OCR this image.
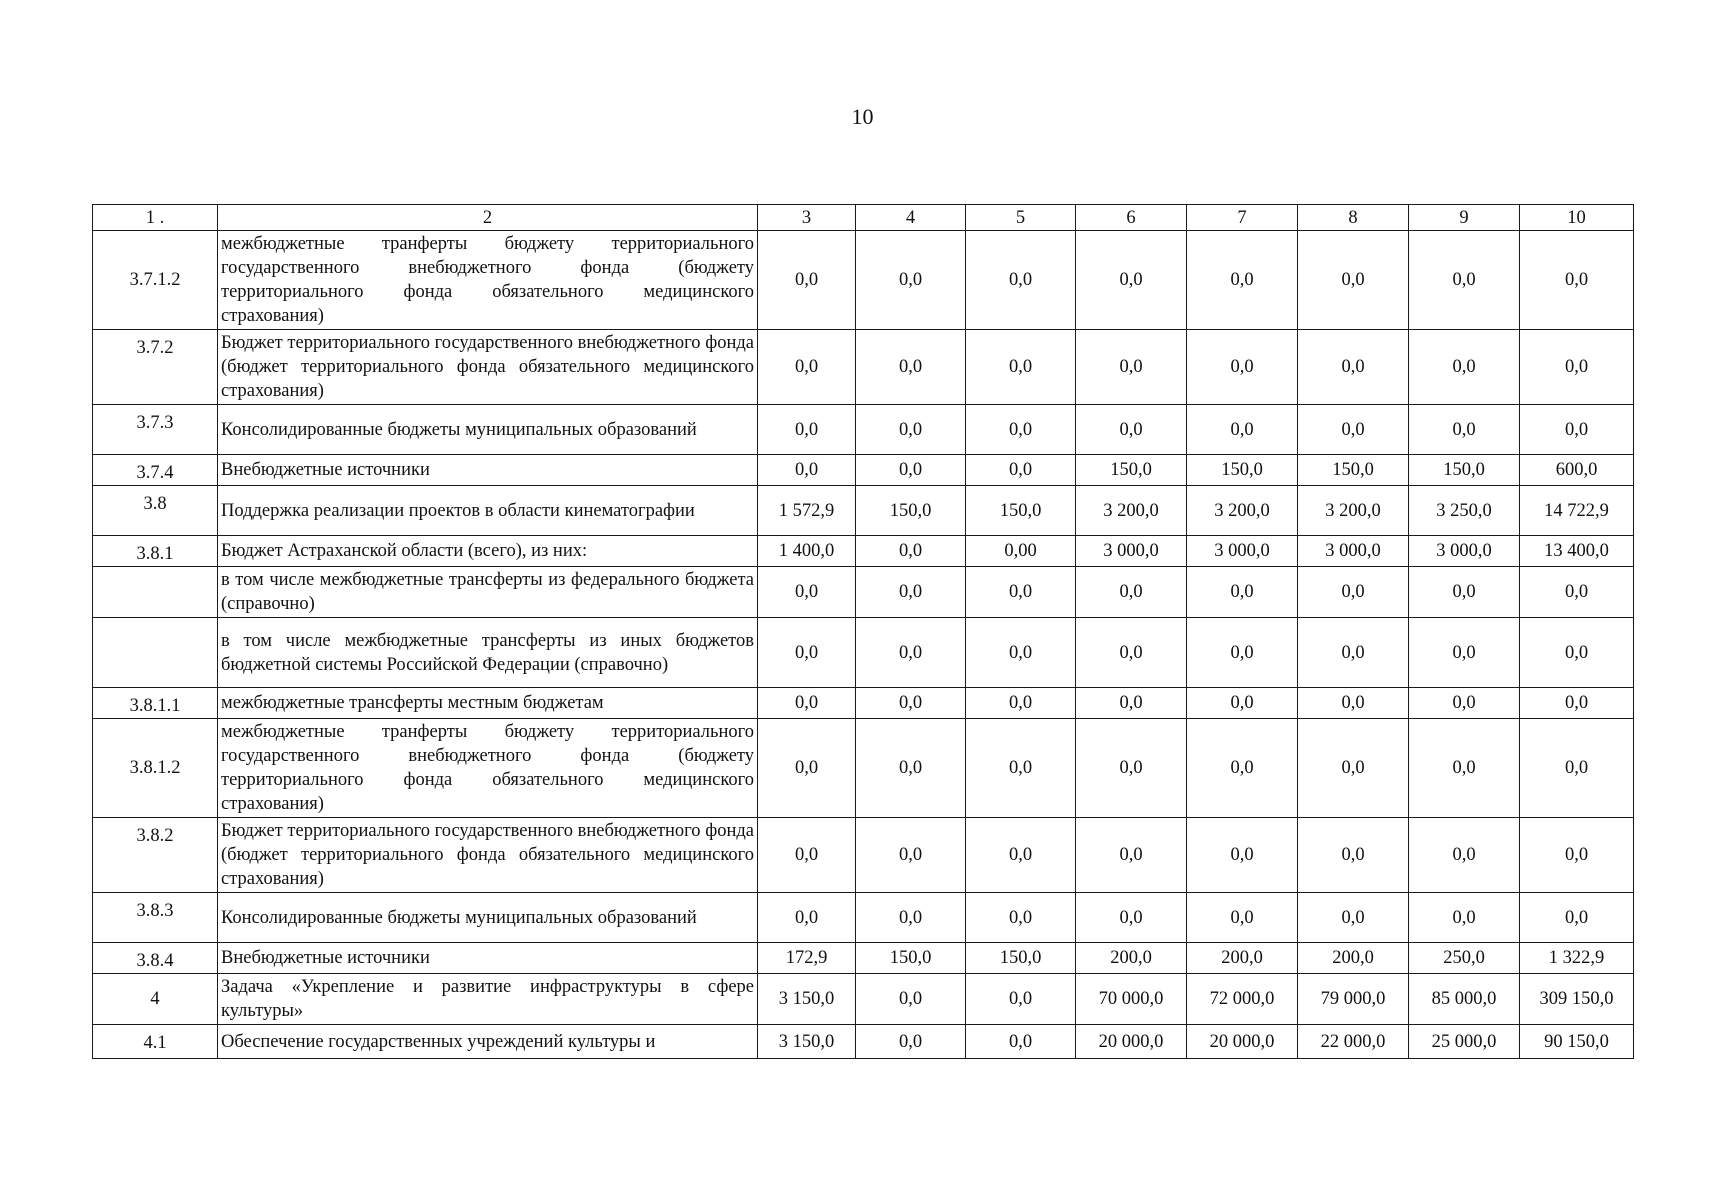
10
1 .	2	3	4	5	6	7	8	9	10
3.7.1.2	межбюджетные транферты бюджету территориального государственного внебюджетного фонда (бюджету территориального фонда обязательного медицинского страхования)	0,0	0,0	0,0	0,0	0,0	0,0	0,0	0,0
3.7.2	Бюджет территориального государственного внебюджетного фонда (бюджет территориального фонда обязательного медицинского страхования)	0,0	0,0	0,0	0,0	0,0	0,0	0,0	0,0
3.7.3	Консолидированные бюджеты муниципальных образований	0,0	0,0	0,0	0,0	0,0	0,0	0,0	0,0
3.7.4	Внебюджетные источники	0,0	0,0	0,0	150,0	150,0	150,0	150,0	600,0
3.8	Поддержка реализации проектов в области кинематографии	1 572,9	150,0	150,0	3 200,0	3 200,0	3 200,0	3 250,0	14 722,9
3.8.1	Бюджет Астраханской области (всего), из них:	1 400,0	0,0	0,00	3 000,0	3 000,0	3 000,0	3 000,0	13 400,0
	в том числе межбюджетные трансферты из федерального бюджета (справочно)	0,0	0,0	0,0	0,0	0,0	0,0	0,0	0,0
	в том числе межбюджетные трансферты из иных бюджетов бюджетной системы Российской Федерации (справочно)	0,0	0,0	0,0	0,0	0,0	0,0	0,0	0,0
3.8.1.1	межбюджетные трансферты местным бюджетам	0,0	0,0	0,0	0,0	0,0	0,0	0,0	0,0
3.8.1.2	межбюджетные транферты бюджету территориального государственного внебюджетного фонда (бюджету территориального фонда обязательного медицинского страхования)	0,0	0,0	0,0	0,0	0,0	0,0	0,0	0,0
3.8.2	Бюджет территориального государственного внебюджетного фонда (бюджет территориального фонда обязательного медицинского страхования)	0,0	0,0	0,0	0,0	0,0	0,0	0,0	0,0
3.8.3	Консолидированные бюджеты муниципальных образований	0,0	0,0	0,0	0,0	0,0	0,0	0,0	0,0
3.8.4	Внебюджетные источники	172,9	150,0	150,0	200,0	200,0	200,0	250,0	1 322,9
4	Задача «Укрепление и развитие инфраструктуры в сфере культуры»	3 150,0	0,0	0,0	70 000,0	72 000,0	79 000,0	85 000,0	309 150,0
4.1	Обеспечение государственных учреждений культуры и	3 150,0	0,0	0,0	20 000,0	20 000,0	22 000,0	25 000,0	90 150,0
